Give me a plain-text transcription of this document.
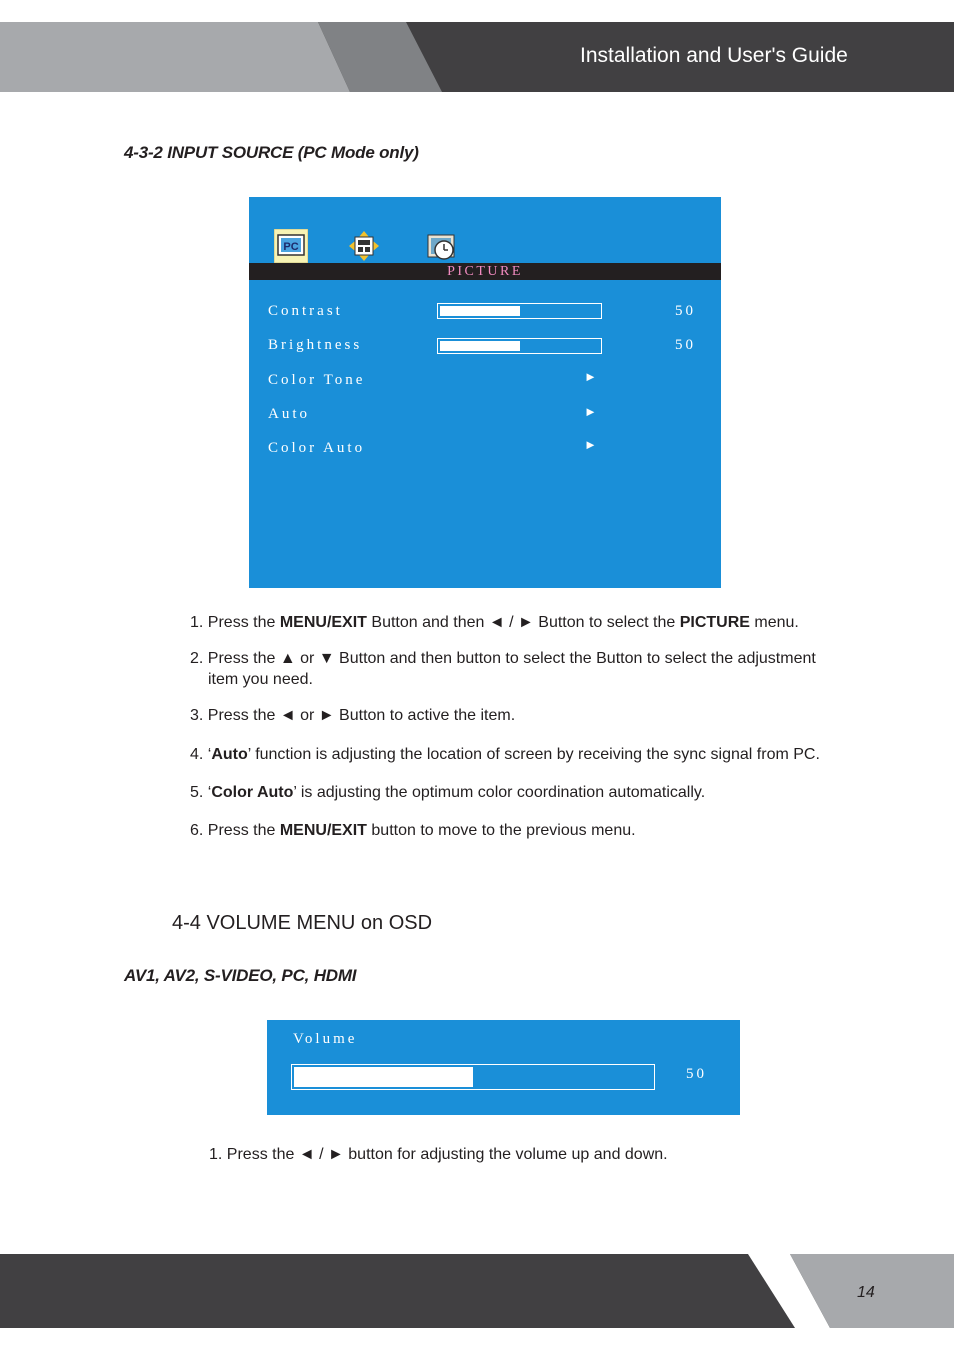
Installation and User's Guide
4-3-2 INPUT SOURCE (PC Mode only)
PC
PICTURE
Contrast	50
Brightness	50
Color Tone	►
Auto	►
Color Auto	►
1. Press the MENU/EXIT Button and then ◄ / ► Button to select the PICTURE menu.
2. Press the ▲ or ▼ Button and then button to select the Button to select the adjustment
item you need.
3. Press the ◄ or ► Button to active the item.
4. ‘Auto’ function is adjusting the location of screen by receiving the sync signal from PC.
5. ‘Color Auto’ is adjusting the optimum color coordination automatically.
6. Press the MENU/EXIT button to move to the previous menu.
4-4 VOLUME MENU on OSD
AV1, AV2, S-VIDEO, PC, HDMI
Volume
50
1. Press the ◄ / ► button for adjusting the volume up and down.
14
